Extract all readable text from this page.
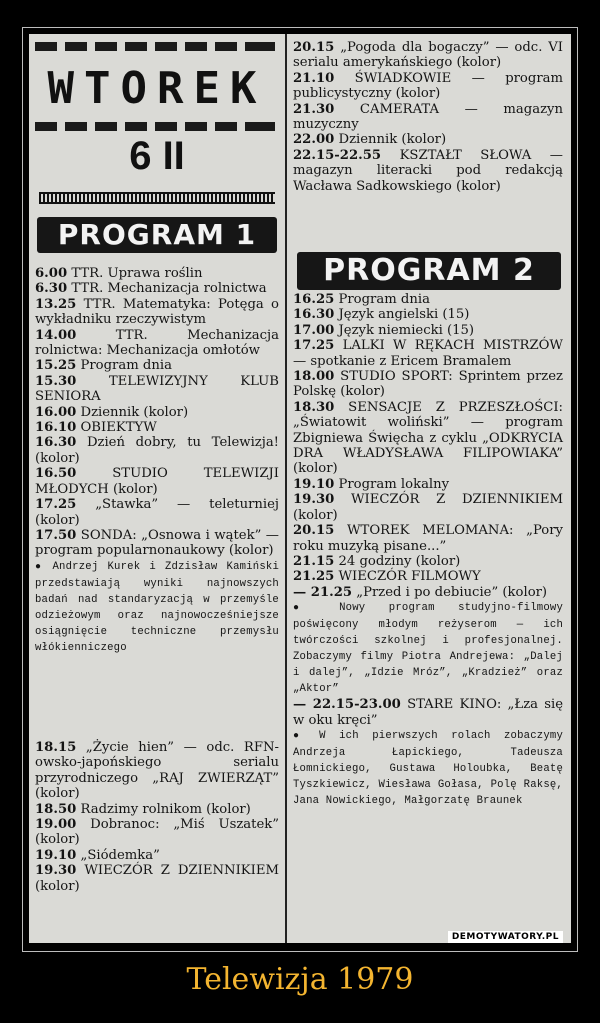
WTOREK
6 II
PROGRAM 1
6.00 TTR. Uprawa roślin
6.30 TTR. Mechanizacja rolnictwa
13.25 TTR. Matematyka: Potęga o wykładniku rzeczywistym
14.00	TTR. Mechanizacja rolnictwa: Mechanizacja omłotów
15.25 Program dnia
15.30 TELEWIZYJNY KLUB SENIORA
16.00 Dziennik (kolor)
16.10 OBIEKTYW
16.30 Dzień dobry, tu Telewizja! (kolor)
16.50	STUDIO TELEWIZJI MŁODYCH (kolor)
17.25 „Stawka” — teleturniej (kolor)
17.50 SONDA: „Osnowa i wątek” — program popularnonaukowy (kolor)
● Andrzej Kurek i Zdzisław Kamiński przedstawiają wyniki najnowszych badań nad standaryzacją w przemyśle odzieżowym oraz najnowocześniejsze osiągnięcie techniczne przemysłu włókienniczego
18.15 „Życie hien” — odc. RFN-owsko-japońskiego serialu przyrodniczego „RAJ ZWIERZĄT” (kolor)
18.50 Radzimy rolnikom (kolor)
19.00 Dobranoc: „Miś Uszatek” (kolor)
19.10 „Siódemka”
19.30 WIECZÓR Z DZIENNIKIEM (kolor)
20.15 „Pogoda dla bogaczy” — odc. VI serialu amerykańskiego (kolor)
21.10 ŚWIADKOWIE — program publicystyczny (kolor)
21.30 CAMERATA — magazyn muzyczny
22.00 Dziennik (kolor)
22.15-22.55 KSZTAŁT SŁOWA — magazyn literacki pod redakcją Wacława Sadkowskiego (kolor)
PROGRAM 2
16.25 Program dnia
16.30 Język angielski (15)
17.00 Język niemiecki (15)
17.25 LALKI W RĘKACH MISTRZÓW — spotkanie z Ericem Bramalem
18.00 STUDIO SPORT: Sprintem przez Polskę (kolor)
18.30 SENSACJE Z PRZESZŁOŚCI: „Światowit woliński” — program Zbigniewa Święcha z cyklu „ODKRYCIA DRA WŁADYSŁAWA FILIPOWIAKA” (kolor)
19.10 Program lokalny
19.30 WIECZÓR Z DZIENNIKIEM (kolor)
20.15 WTOREK MELOMANA: „Pory roku muzyką pisane...”
21.15 24 godziny (kolor)
21.25 WIECZÓR FILMOWY
— 21.25 „Przed i po debiucie” (kolor)
● Nowy program studyjno-filmowy poświęcony młodym reżyserom — ich twórczości szkolnej i profesjonalnej. Zobaczymy filmy Piotra Andrejewa: „Dalej i dalej”, „Idzie Mróz”, „Kradzież” oraz „Aktor”
— 22.15-23.00 STARE KINO: „Łza się w oku kręci”
● W ich pierwszych rolach zobaczymy Andrzeja Łapickiego, Tadeusza Łomnickiego, Gustawa Holoubka, Beatę Tyszkiewicz, Wiesława Gołasa, Polę Raksę, Jana Nowickiego, Małgorzatę Braunek
DEMOTYWATORY.PL
Telewizja 1979
